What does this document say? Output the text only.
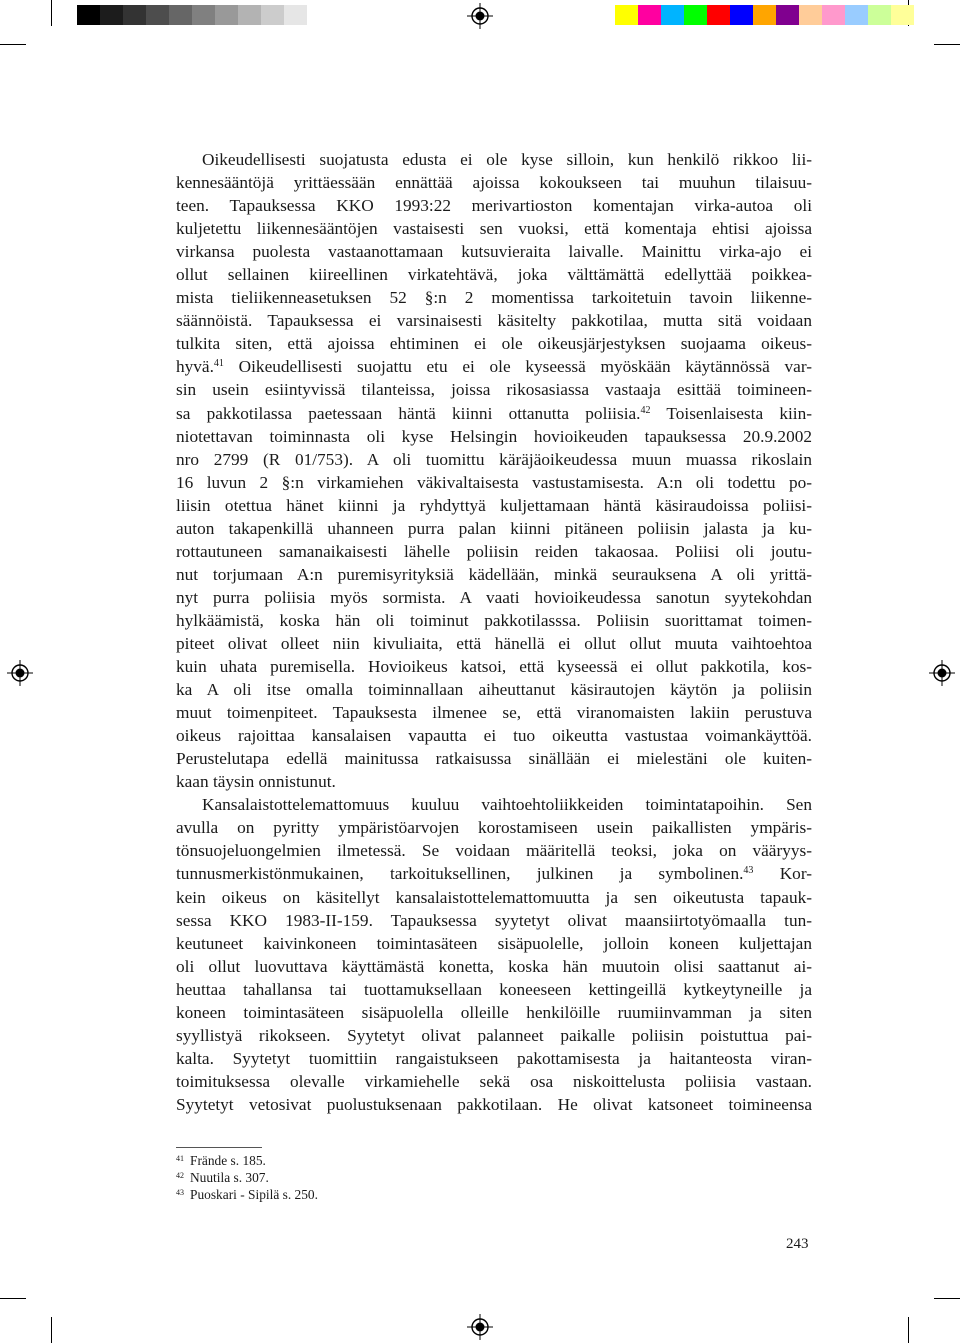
Oikeudellisesti suojatusta edusta ei ole kyse silloin, kun henkilö rikkoo lii-
kennesääntöjä yrittäessään ennättää ajoissa kokoukseen tai muuhun tilaisuu-
teen. Tapauksessa KKO 1993:22 merivartioston komentajan virka-autoa oli
kuljetettu liikennesääntöjen vastaisesti sen vuoksi, että komentaja ehtisi ajoissa
virkansa puolesta vastaanottamaan kutsuvieraita laivalle. Mainittu virka-ajo ei
ollut sellainen kiireellinen virkatehtävä, joka välttämättä edellyttää poikkea-
mista tieliikenneasetuksen 52 §:n 2 momentissa tarkoitetuin tavoin liikenne-
säännöistä. Tapauksessa ei varsinaisesti käsitelty pakkotilaa, mutta sitä voidaan
tulkita siten, että ajoissa ehtiminen ei ole oikeusjärjestyksen suojaama oikeus-
hyvä.$^{41}$ Oikeudellisesti suojattu etu ei ole kyseessä myöskään käytännössä var-
sin usein esiintyvissä tilanteissa, joissa rikosasiassa vastaaja esittää toimineen-
sa pakkotilassa paetessaan häntä kiinni ottanutta poliisia.$^{42}$ Toisenlaisesta kiin-
niotettavan toiminnasta oli kyse Helsingin hovioikeuden tapauksessa 20.9.2002
nro 2799 (R 01/753). A oli tuomittu käräjäoikeudessa muun muassa rikoslain
16 luvun 2 §:n virkamiehen väkivaltaisesta vastustamisesta. A:n oli todettu po-
liisin otettua hänet kiinni ja ryhdyttyä kuljettamaan häntä käsiraudoissa poliisi-
auton takapenkillä uhanneen purra palan kiinni pitäneen poliisin jalasta ja ku-
rottautuneen samanaikaisesti lähelle poliisin reiden takaosaa. Poliisi oli joutu-
nut torjumaan A:n puremisyrityksiä kädellään, minkä seurauksena A oli yrittä-
nyt purra poliisia myös sormista. A vaati hovioikeudessa sanotun syytekohdan
hylkäämistä, koska hän oli toiminut pakkotilasssa. Poliisin suorittamat toimen-
piteet olivat olleet niin kivuliaita, että hänellä ei ollut ollut muuta vaihtoehtoa
kuin uhata puremisella. Hovioikeus katsoi, että kyseessä ei ollut pakkotila, kos-
ka A oli itse omalla toiminnallaan aiheuttanut käsirautojen käytön ja poliisin
muut toimenpiteet. Tapauksesta ilmenee se, että viranomaisten lakiin perustuva
oikeus rajoittaa kansalaisen vapautta ei tuo oikeutta vastustaa voimankäyttöä.
Perustelutapa edellä mainitussa ratkaisussa sinällään ei mielestäni ole kuiten-
kaan täysin onnistunut.
Kansalaistottelemattomuus kuuluu vaihtoehtoliikkeiden toimintatapoihin. Sen
avulla on pyritty ympäristöarvojen korostamiseen usein paikallisten ympäris-
tönsuojeluongelmien ilmetessä. Se voidaan määritellä teoksi, joka on vääryys-
tunnusmerkistönmukainen, tarkoituksellinen, julkinen ja symbolinen.$^{43}$ Kor-
kein oikeus on käsitellyt kansalaistottelemattomuutta ja sen oikeutusta tapauk-
sessa KKO 1983-II-159. Tapauksessa syytetyt olivat maansiirtotyömaalla tun-
keutuneet kaivinkoneen toimintasäteen sisäpuolelle, jolloin koneen kuljettajan
oli ollut luovuttava käyttämästä konetta, koska hän muutoin olisi saattanut ai-
heuttaa tahallansa tai tuottamuksellaan koneeseen kettingeillä kytkeytyneille ja
koneen toimintasäteen sisäpuolella olleille henkilöille ruumiinvamman ja siten
syyllistyä rikokseen. Syytetyt olivat palanneet paikalle poliisin poistuttua pai-
kalta. Syytetyt tuomittiin rangaistukseen pakottamisesta ja haitanteosta viran-
toimituksessa olevalle virkamiehelle sekä osa niskoittelusta poliisia vastaan.
Syytetyt vetosivat puolustuksenaan pakkotilaan. He olivat katsoneet toimineensa
$^{41}$ Frände s. 185.
$^{42}$ Nuutila s. 307.
$^{43}$ Puoskari - Sipilä s. 250.
243
